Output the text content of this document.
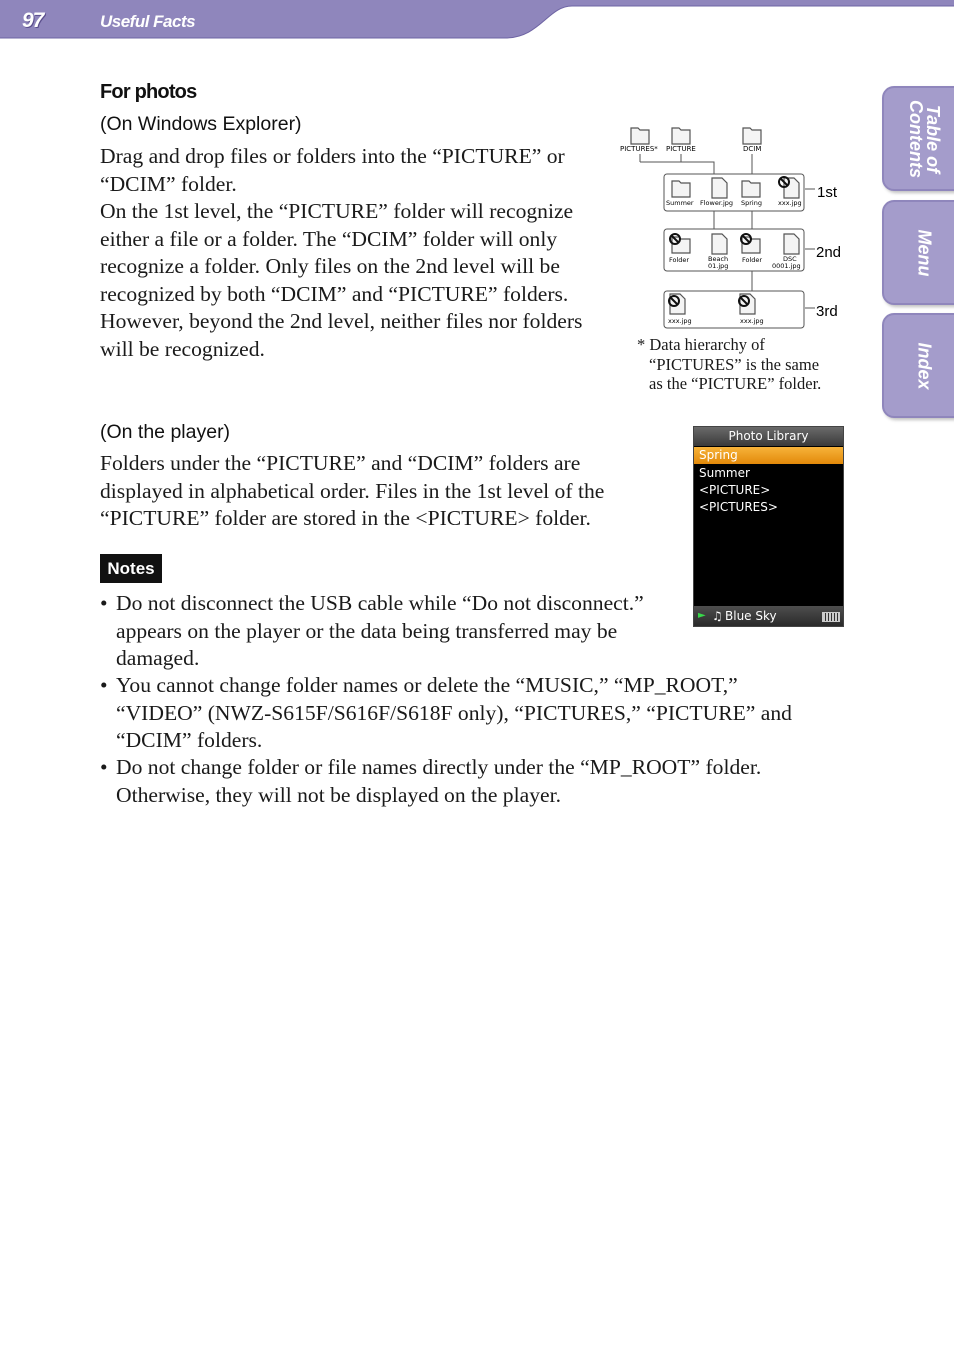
97	Useful Facts
Table of
Contents
Menu
Index
For photos
(On Windows Explorer)
Drag and drop files or folders into the “PICTURE” or
“DCIM” folder.
On the 1st level, the “PICTURE” folder will recognize
either a file or a folder. The “DCIM” folder will only
recognize a folder. Only files on the 2nd level will be
recognized by both “DCIM” and “PICTURE” folders.
However, beyond the 2nd level, neither files nor folders
will be recognized.
PICTURES* PICTURE	DCIM
Summer Flower.jpg Spring xxx.jpg
1st
Folder	Beach
01.jpg
Folder	DSC
0001.jpg
2nd
xxx.jpg	xxx.jpg
3rd
* Data hierarchy of
“PICTURES” is the same
as the “PICTURE” folder.
(On the player)
Folders under the “PICTURE” and “DCIM” folders are
displayed in alphabetical order. Files in the 1st level of the
“PICTURE” folder are stored in the <PICTURE> folder.
Photo Library
Spring
Summer
<PICTURE>
<PICTURES>
► ♫ Blue Sky
Notes
• Do not disconnect the USB cable while “Do not disconnect.”
appears on the player or the data being transferred may be
damaged.
• You cannot change folder names or delete the “MUSIC,” “MP_ROOT,”
“VIDEO” (NWZ-S615F/S616F/S618F only), “PICTURES,” “PICTURE” and
“DCIM” folders.
• Do not change folder or file names directly under the “MP_ROOT” folder.
Otherwise, they will not be displayed on the player.
